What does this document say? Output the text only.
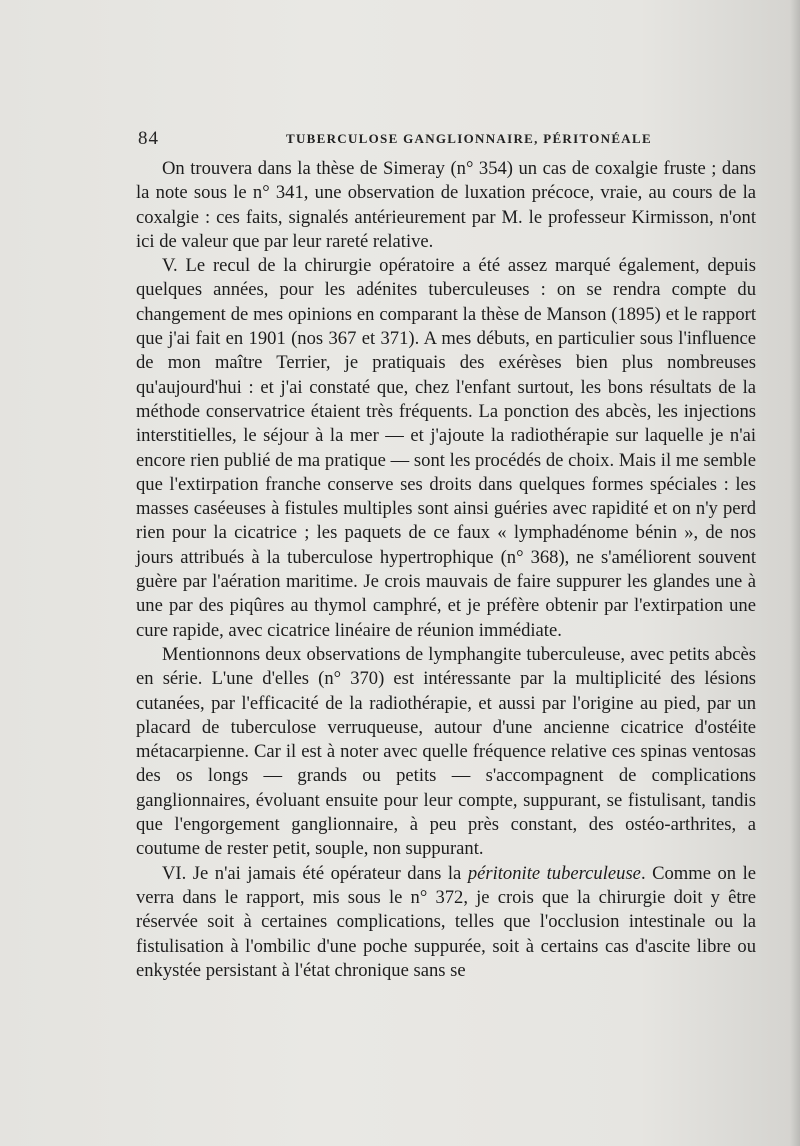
84	TUBERCULOSE GANGLIONNAIRE, PÉRITONÉALE

On trouvera dans la thèse de Simeray (n° 354) un cas de coxalgie fruste ; dans la note sous le n° 341, une observation de luxation précoce, vraie, au cours de la coxalgie : ces faits, signalés antérieurement par M. le professeur Kirmisson, n'ont ici de valeur que par leur rareté relative.

V. Le recul de la chirurgie opératoire a été assez marqué également, depuis quelques années, pour les adénites tuberculeuses : on se rendra compte du changement de mes opinions en comparant la thèse de Manson (1895) et le rapport que j'ai fait en 1901 (nos 367 et 371). A mes débuts, en particulier sous l'influence de mon maître Terrier, je pratiquais des exérèses bien plus nombreuses qu'aujourd'hui : et j'ai constaté que, chez l'enfant surtout, les bons résultats de la méthode conservatrice étaient très fréquents. La ponction des abcès, les injections interstitielles, le séjour à la mer — et j'ajoute la radiothérapie sur laquelle je n'ai encore rien publié de ma pratique — sont les procédés de choix. Mais il me semble que l'extirpation franche conserve ses droits dans quelques formes spéciales : les masses caséeuses à fistules multiples sont ainsi guéries avec rapidité et on n'y perd rien pour la cicatrice ; les paquets de ce faux « lymphadénome bénin », de nos jours attribués à la tuberculose hypertrophique (n° 368), ne s'améliorent souvent guère par l'aération maritime. Je crois mauvais de faire suppurer les glandes une à une par des piqûres au thymol camphré, et je préfère obtenir par l'extirpation une cure rapide, avec cicatrice linéaire de réunion immédiate.

Mentionnons deux observations de lymphangite tuberculeuse, avec petits abcès en série. L'une d'elles (n° 370) est intéressante par la multiplicité des lésions cutanées, par l'efficacité de la radiothérapie, et aussi par l'origine au pied, par un placard de tuberculose verruqueuse, autour d'une ancienne cicatrice d'ostéite métacarpienne. Car il est à noter avec quelle fréquence relative ces spinas ventosas des os longs — grands ou petits — s'accompagnent de complications ganglionnaires, évoluant ensuite pour leur compte, suppurant, se fistulisant, tandis que l'engorgement ganglionnaire, à peu près constant, des ostéo-arthrites, a coutume de rester petit, souple, non suppurant.

VI. Je n'ai jamais été opérateur dans la péritonite tuberculeuse. Comme on le verra dans le rapport, mis sous le n° 372, je crois que la chirurgie doit y être réservée soit à certaines complications, telles que l'occlusion intestinale ou la fistulisation à l'ombilic d'une poche suppurée, soit à certains cas d'ascite libre ou enkystée persistant à l'état chronique sans se
